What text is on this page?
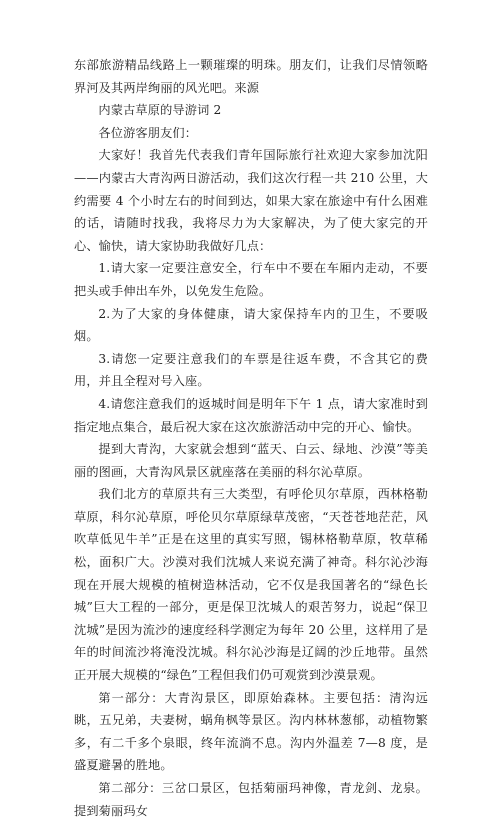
东部旅游精品线路上一颗璀璨的明珠。朋友们，让我们尽情领略界河及其两岸绚丽的风光吧。来源

内蒙古草原的导游词 2

各位游客朋友们：

大家好！我首先代表我们青年国际旅行社欢迎大家参加沈阳——内蒙古大青沟两日游活动，我们这次行程一共 210 公里，大约需要 4 个小时左右的时间到达，如果大家在旅途中有什么困难的话，请随时找我，我将尽力为大家解决，为了使大家完的开心、愉快，请大家协助我做好几点：

1.请大家一定要注意安全，行车中不要在车厢内走动，不要把头或手伸出车外，以免发生危险。

2.为了大家的身体健康，请大家保持车内的卫生，不要吸烟。

3.请您一定要注意我们的车票是往返车费，不含其它的费用，并且全程对号入座。

4.请您注意我们的返城时间是明年下午 1 点，请大家准时到指定地点集合，最后祝大家在这次旅游活动中完的开心、愉快。

提到大青沟，大家就会想到“蓝天、白云、绿地、沙漠”等美丽的图画，大青沟风景区就座落在美丽的科尔沁草原。

我们北方的草原共有三大类型，有呼伦贝尔草原，西林格勒草原，科尔沁草原，呼伦贝尔草原绿草茂密，“天苍苍地茫茫，风吹草低见牛羊”正是在这里的真实写照，锡林格勒草原，牧草稀松，面积广大。沙漠对我们沈城人来说充满了神奇。科尔沁沙海现在开展大规模的植树造林活动，它不仅是我国著名的“绿色长城”巨大工程的一部分，更是保卫沈城人的艰苦努力，说起“保卫沈城”是因为流沙的速度经科学测定为每年 20 公里，这样用了是年的时间流沙将淹没沈城。科尔沁沙海是辽阔的沙丘地带。虽然正开展大规模的“绿色”工程但我们仍可观赏到沙漠景观。

第一部分：大青沟景区，即原始森林。主要包括：清沟远眺，五兄弟，夫妻树，蜗角枫等景区。沟内林林葱郁，动植物繁多，有二千多个泉眼，终年流淌不息。沟内外温差 7—8 度，是盛夏避暑的胜地。

第二部分：三岔口景区，包括菊丽玛神像，青龙剑、龙泉。提到菊丽玛女
